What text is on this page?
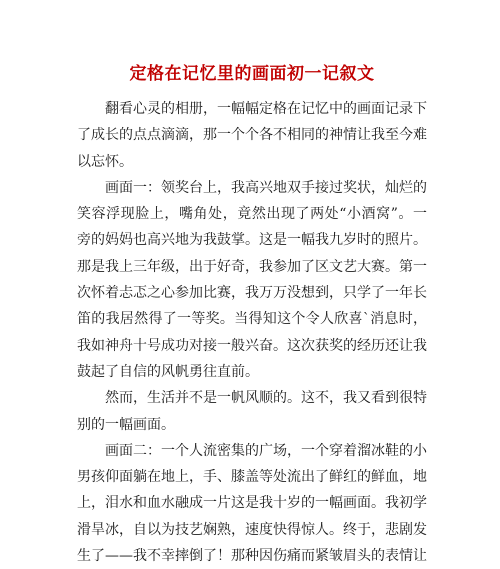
定格在记忆里的画面初一记叙文

翻看心灵的相册，一幅幅定格在记忆中的画面记录下了成长的点点滴滴，那一个个各不相同的神情让我至今难以忘怀。

画面一：领奖台上，我高兴地双手接过奖状，灿烂的笑容浮现脸上，嘴角处，竟然出现了两处“小酒窝”。一旁的妈妈也高兴地为我鼓掌。这是一幅我九岁时的照片。那是我上三年级，出于好奇，我参加了区文艺大赛。第一次怀着忐忑之心参加比赛，我万万没想到，只学了一年长笛的我居然得了一等奖。当得知这个令人欣喜`消息时，我如神舟十号成功对接一般兴奋。这次获奖的经历还让我鼓起了自信的风帆勇往直前。

然而，生活并不是一帆风顺的。这不，我又看到很特别的一幅画面。

画面二：一个人流密集的广场，一个穿着溜冰鞋的小男孩仰面躺在地上，手、膝盖等处流出了鲜红的鲜血，地上，泪水和血水融成一片这是我十岁的一幅画面。我初学滑旱冰，自以为技艺娴熟，速度快得惊人。终于，悲剧发生了——我不幸摔倒了！那种因伤痛而紧皱眉头的表情让
